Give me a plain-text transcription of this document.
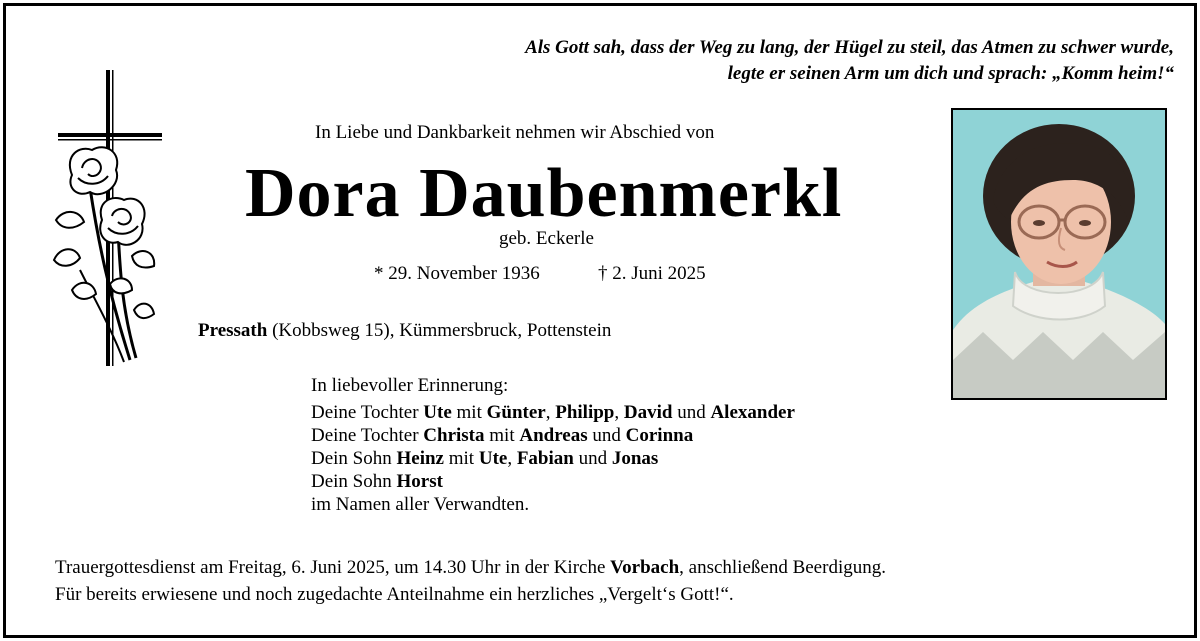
Als Gott sah, dass der Weg zu lang, der Hügel zu steil, das Atmen zu schwer wurde,
legte er seinen Arm um dich und sprach: „Komm heim!“
In Liebe und Dankbarkeit nehmen wir Abschied von
Dora Daubenmerkl
geb. Eckerle
* 29. November 1936	† 2. Juni 2025
Pressath (Kobbsweg 15), Kümmersbruck, Pottenstein
In liebevoller Erinnerung:
Deine Tochter Ute mit Günter, Philipp, David und Alexander
Deine Tochter Christa mit Andreas und Corinna
Dein Sohn Heinz mit Ute, Fabian und Jonas
Dein Sohn Horst
im Namen aller Verwandten.
Trauergottesdienst am Freitag, 6. Juni 2025, um 14.30 Uhr in der Kirche Vorbach, anschließend Beerdigung.
Für bereits erwiesene und noch zugedachte Anteilnahme ein herzliches „Vergelt‘s Gott!“.
